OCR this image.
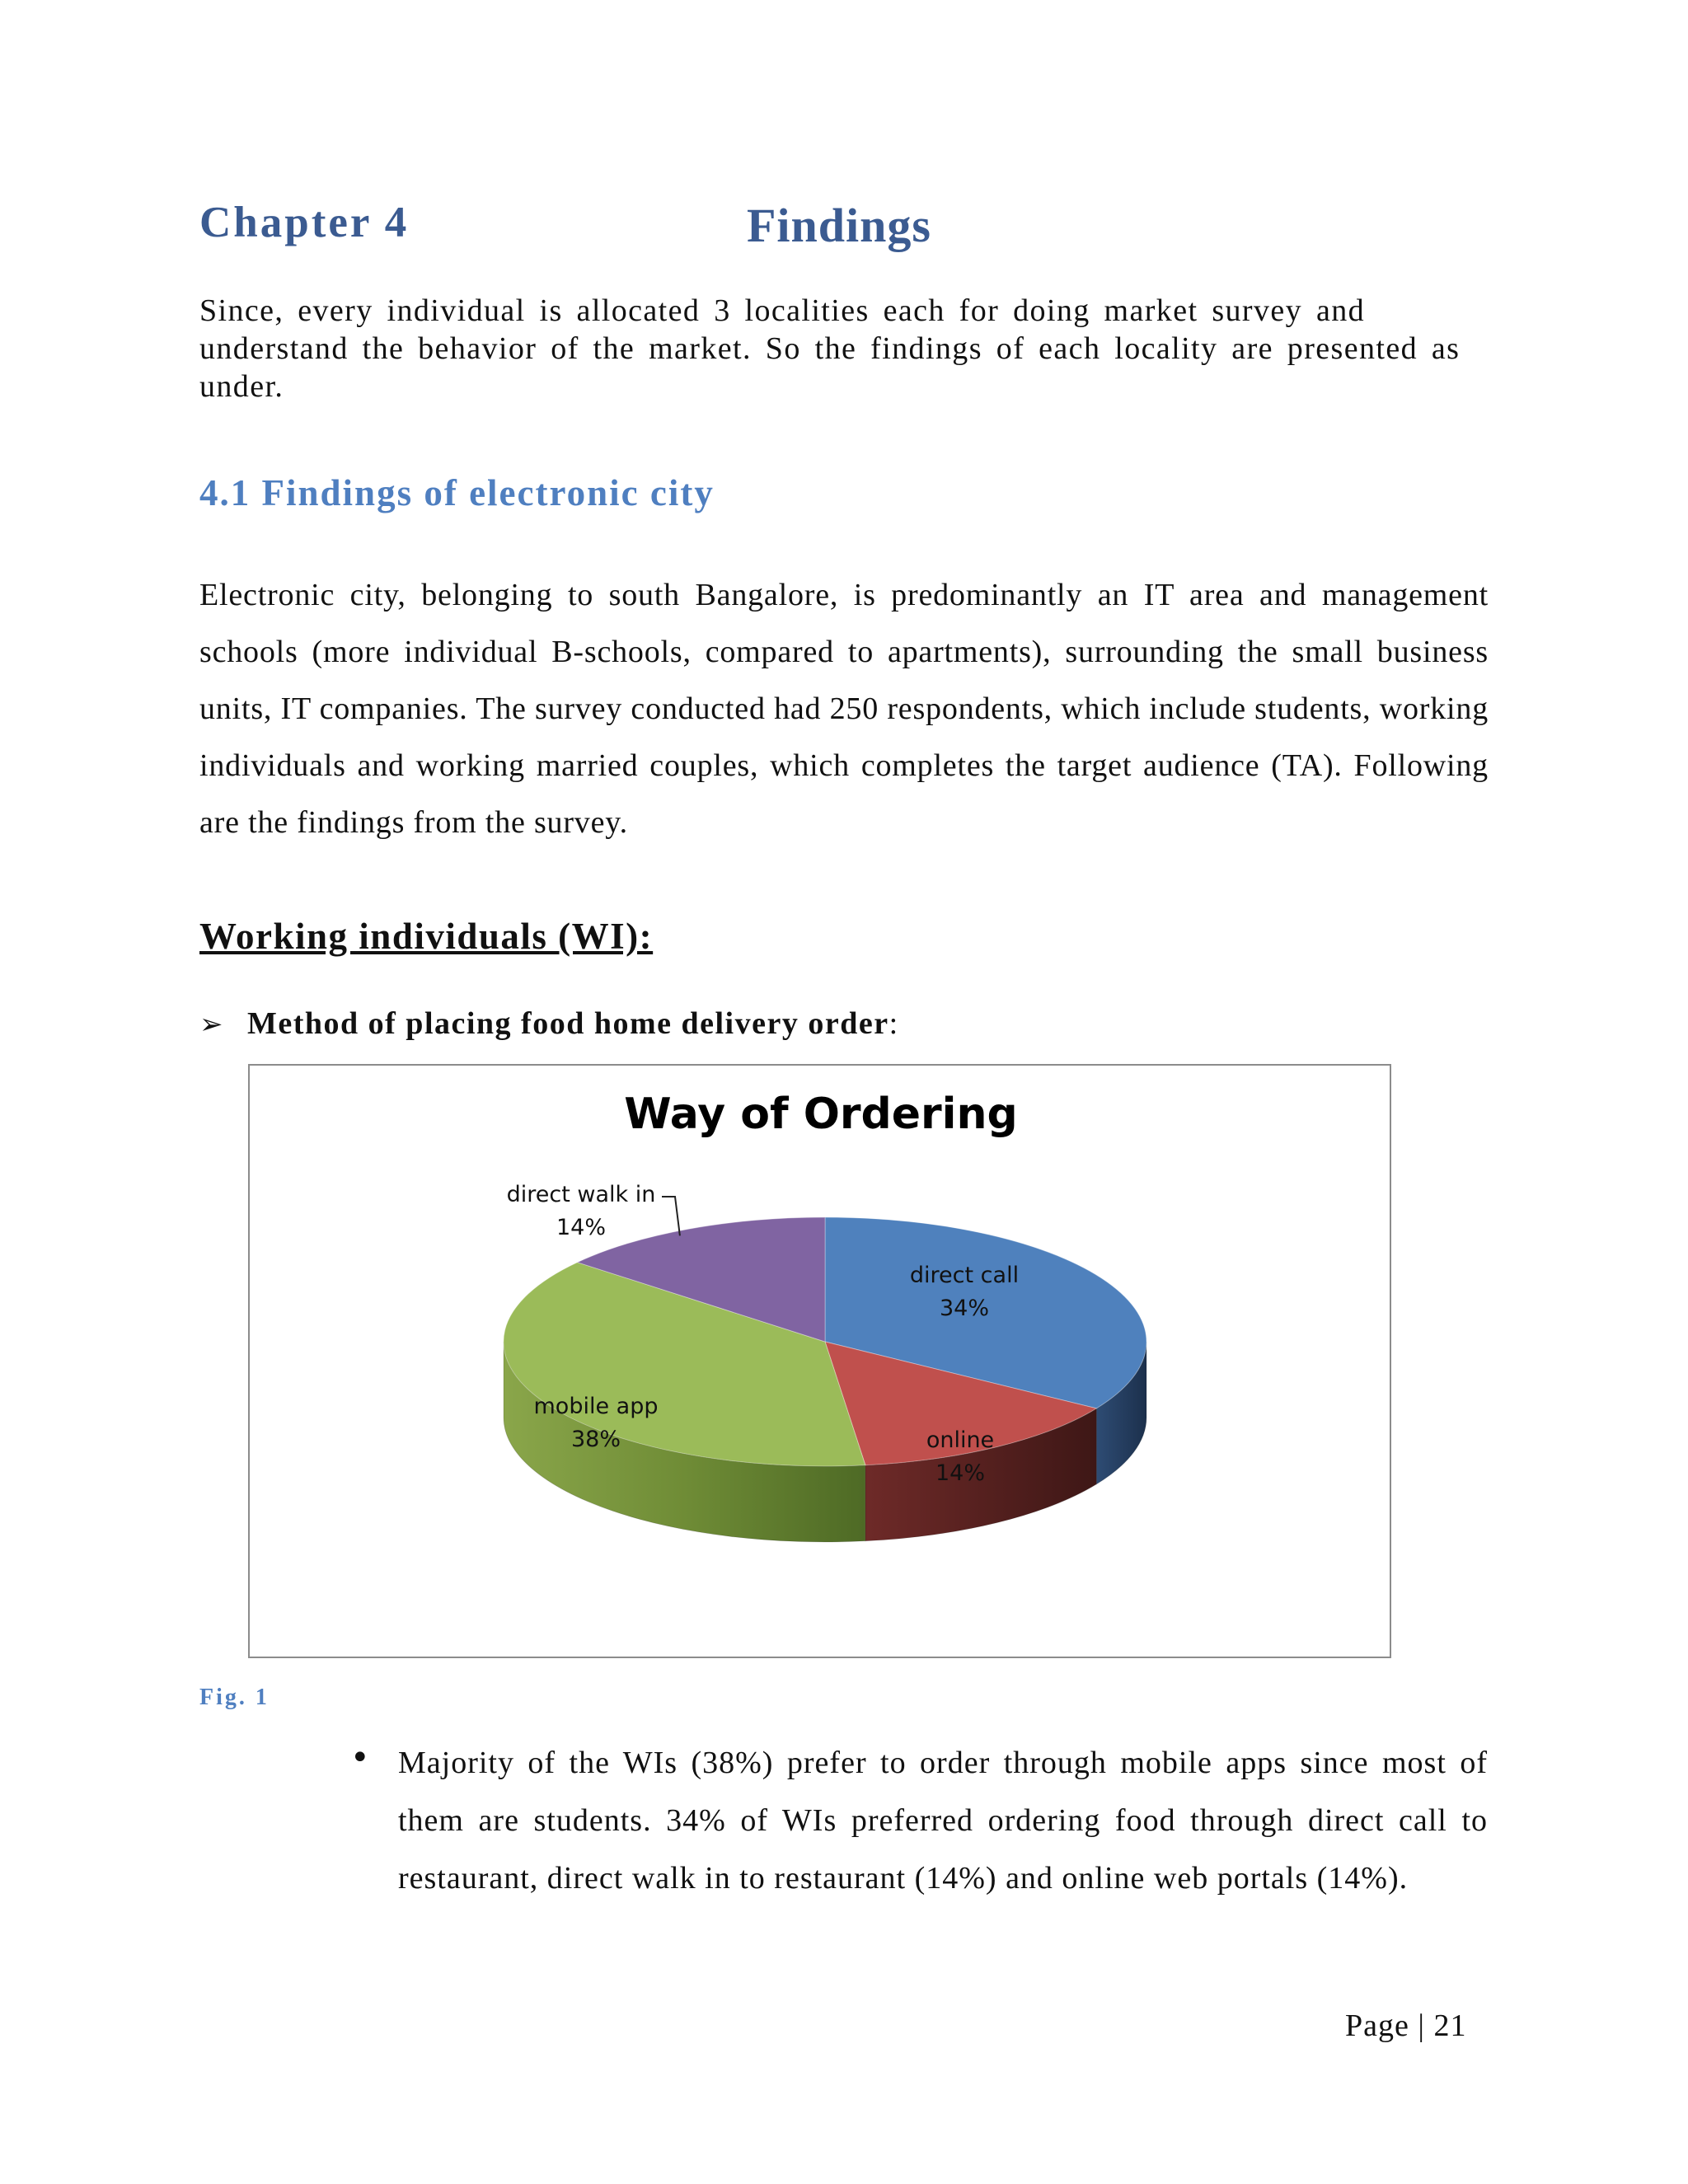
Chapter 4	Findings
Since, every individual is allocated 3 localities each for doing market survey and understand the behavior of the market. So the findings of each locality are presented as under.
4.1 Findings of electronic city
Electronic city, belonging to south Bangalore, is predominantly an IT area and management schools (more individual B-schools, compared to apartments), surrounding the small business units, IT companies. The survey conducted had 250 respondents, which include students, working individuals and working married couples, which completes the target audience (TA). Following are the findings from the survey.
Working individuals (WI):
➢ Method of placing food home delivery order:
Way of Ordering
direct call
34%
online
14%
mobile app
38%
direct walk in
14%
Fig. 1
• Majority of the WIs (38%) prefer to order through mobile apps since most of them are students. 34% of WIs preferred ordering food through direct call to restaurant, direct walk in to restaurant (14%) and online web portals (14%).
Page | 21
